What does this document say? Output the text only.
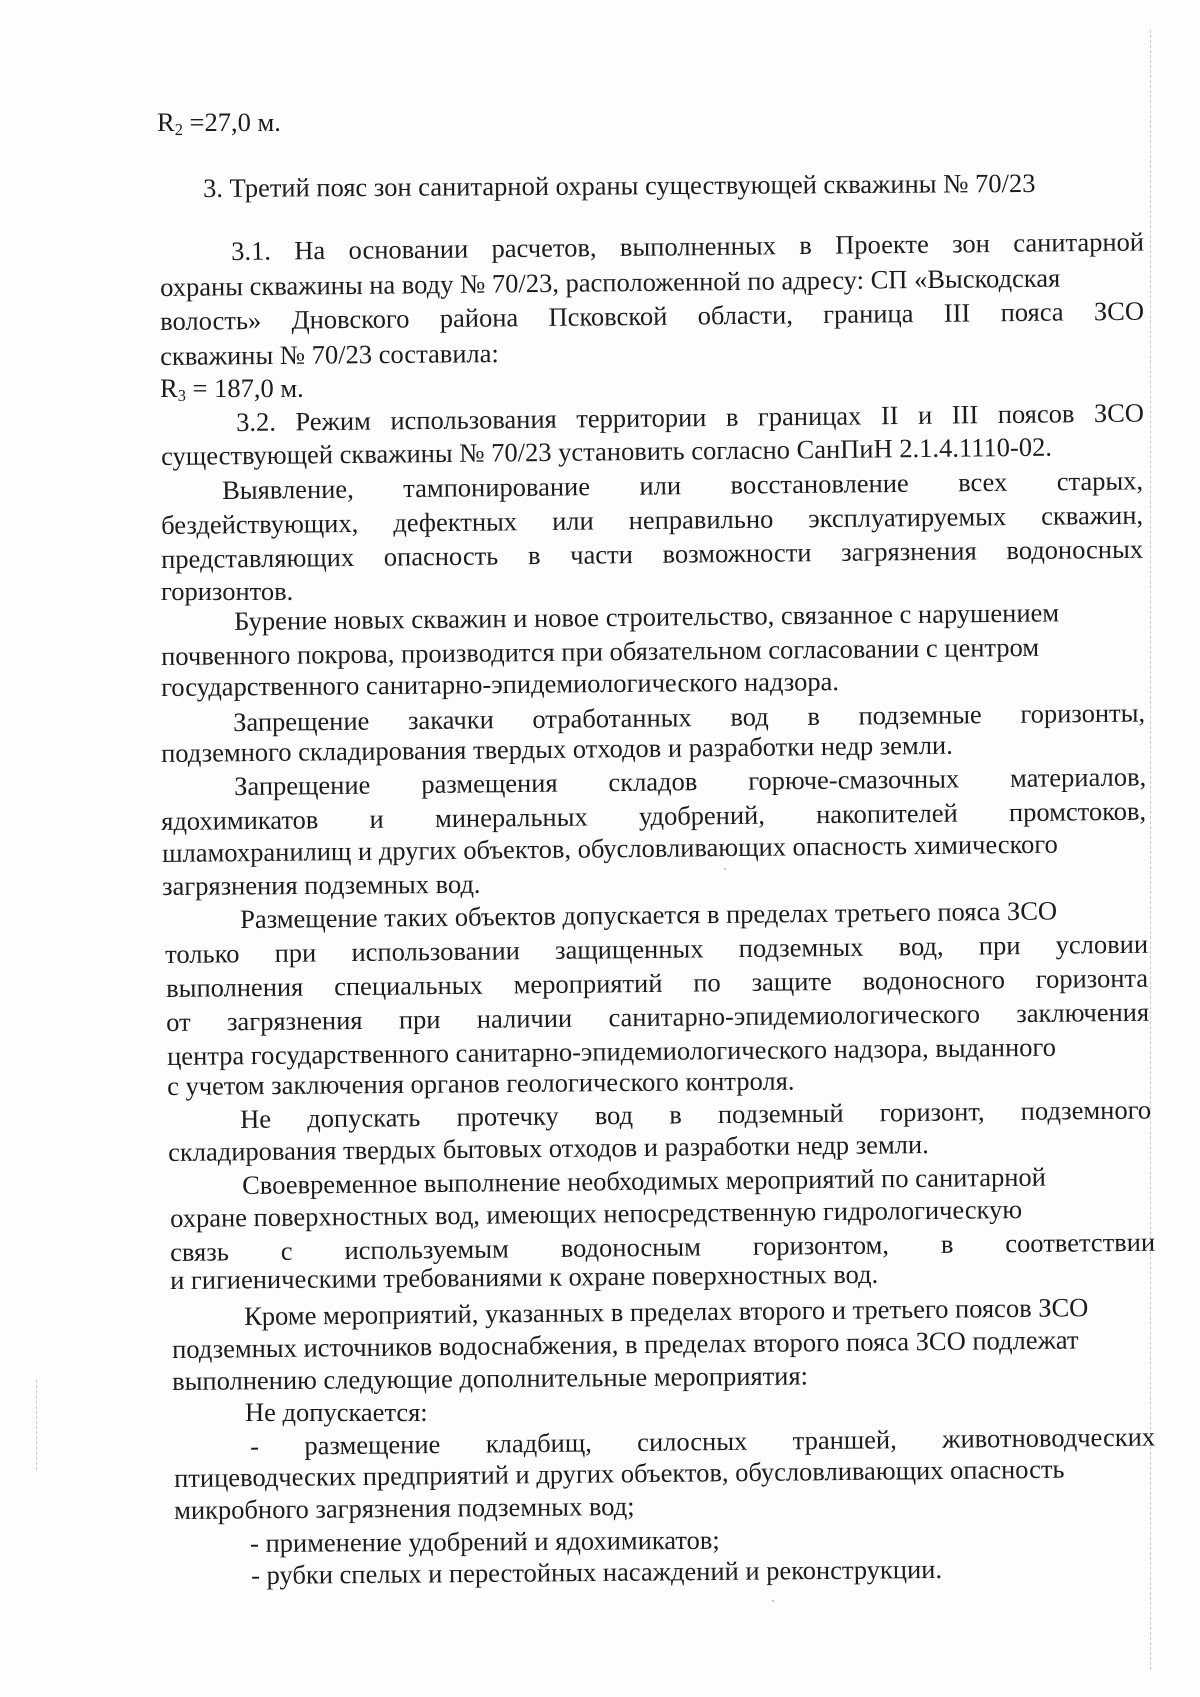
$R_2 =27,0$ м.
3. Третий пояс зон санитарной охраны существующей скважины № 70/23
3.1. На основании расчетов, выполненных в Проекте зон санитарной
охраны скважины на воду № 70/23, расположенной по адресу: СП «Выскодская
волость» Дновского района Псковской области, граница III пояса ЗСО
скважины № 70/23 составила:
$R_3 = 187,0$ м.
3.2. Режим использования территории в границах II и III поясов ЗСО
существующей скважины № 70/23 установить согласно СанПиН 2.1.4.1110-02.
Выявление, тампонирование или восстановление всех старых,
бездействующих, дефектных или неправильно эксплуатируемых скважин,
представляющих опасность в части возможности загрязнения водоносных
горизонтов.
Бурение новых скважин и новое строительство, связанное с нарушением
почвенного покрова, производится при обязательном согласовании с центром
государственного санитарно-эпидемиологического надзора.
Запрещение закачки отработанных вод в подземные горизонты,
подземного складирования твердых отходов и разработки недр земли.
Запрещение размещения складов горюче-смазочных материалов,
ядохимикатов и минеральных удобрений, накопителей промстоков,
шламохранилищ и других объектов, обусловливающих опасность химического
загрязнения подземных вод.
Размещение таких объектов допускается в пределах третьего пояса ЗСО
только при использовании защищенных подземных вод, при условии
выполнения специальных мероприятий по защите водоносного горизонта
от загрязнения при наличии санитарно-эпидемиологического заключения
центра государственного санитарно-эпидемиологического надзора, выданного
с учетом заключения органов геологического контроля.
Не допускать протечку вод в подземный горизонт, подземного
складирования твердых бытовых отходов и разработки недр земли.
Своевременное выполнение необходимых мероприятий по санитарной
охране поверхностных вод, имеющих непосредственную гидрологическую
связь с используемым водоносным горизонтом, в соответствии
и гигиеническими требованиями к охране поверхностных вод.
Кроме мероприятий, указанных в пределах второго и третьего поясов ЗСО
подземных источников водоснабжения, в пределах второго пояса ЗСО подлежат
выполнению следующие дополнительные мероприятия:
Не допускается:
- размещение кладбищ, силосных траншей, животноводческих
птицеводческих предприятий и других объектов, обусловливающих опасность
микробного загрязнения подземных вод;
- применение удобрений и ядохимикатов;
- рубки спелых и перестойных насаждений и реконструкции.
